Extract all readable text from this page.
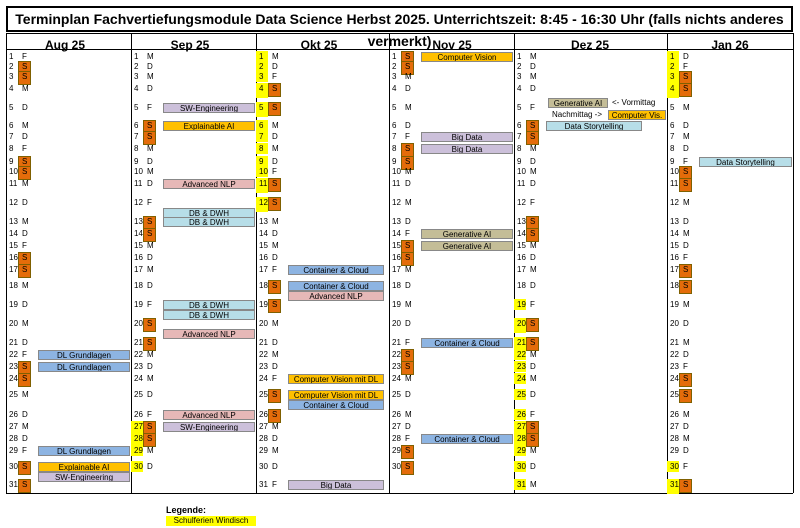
Terminplan Fachvertiefungsmodule Data Science Herbst 2025. Unterrichtszeit: 8:45 - 16:30 Uhr (falls nichts anderes vermerkt)
Aug 25
1 F
2 S
3 S
4 M
5 D
6 M
7 D
8 F
9 S
10 S
11 M
12 D
13 M
14 D
15 F
16 S
17 S
18 M
19 D
20 M
21 D
22 F
23 S
24 S
25 M
26 D
27 M
28 D
29 F
30 S
31 S
Sep 25
1 M
2 D
3 M
4 D
5 F
6 S
7 S
8 M
9 D
10 M
11 D
12 F
13 S
14 S
15 M
16 D
17 M
18 D
19 F
20 S
21 S
22 M
23 D
24 M
25 D
26 F
27 S
28 S
29 M
30 D
Okt 25
1 M
2 D
3 F
4 S
5 S
6 M
7 D
8 M
9 D
10 F
11 S
12 S
13 M
14 D
15 M
16 D
17 F
18 S
19 S
20 M
21 D
22 M
23 D
24 F
25 S
26 S
27 M
28 D
29 M
30 D
31 F
Nov 25
1 S
2 S
3 M
4 D
5 M
6 D
7 F
8 S
9 S
10 M
11 D
12 M
13 D
14 F
15 S
16 S
17 M
18 D
19 M
20 D
21 F
22 S
23 S
24 M
25 D
26 M
27 D
28 F
29 S
30 S
Dez 25
1 M
2 D
3 M
4 D
5 F
6 S
7 S
8 M
9 D
10 M
11 D
12 F
13 S
14 S
15 M
16 D
17 M
18 D
19 F
20 S
21 S
22 M
23 D
24 M
25 D
26 F
27 S
28 S
29 M
30 D
31 M
Jan 26
1 D
2 F
3 S
4 S
5 M
6 D
7 M
8 D
9 F
10 S
11 S
12 M
13 D
14 M
15 D
16 F
17 S
18 S
19 M
20 D
21 M
22 D
23 F
24 S
25 S
26 M
27 D
28 M
29 D
30 F
31 S
DL Grundlagen
DL Grundlagen
DL Grundlagen
Explainable AI
SW-Engineering
SW-Engineering
Explainable AI
Advanced NLP
DB & DWH
DB & DWH
DB & DWH
DB & DWH
Advanced NLP
Advanced NLP
SW-Engineering
Container & Cloud
Container & Cloud
Advanced NLP
Computer Vision mit DL
Computer Vision mit DL
Container & Cloud
Big Data
Computer Vision
Big Data
Big Data
Generative AI
Generative AI
Container & Cloud
Container & Cloud
Data Storytelling
Data Storytelling
Generative AI	<- Vormittag
Nachmittag ->	Computer Vis.
Legende:
Schulferien Windisch
